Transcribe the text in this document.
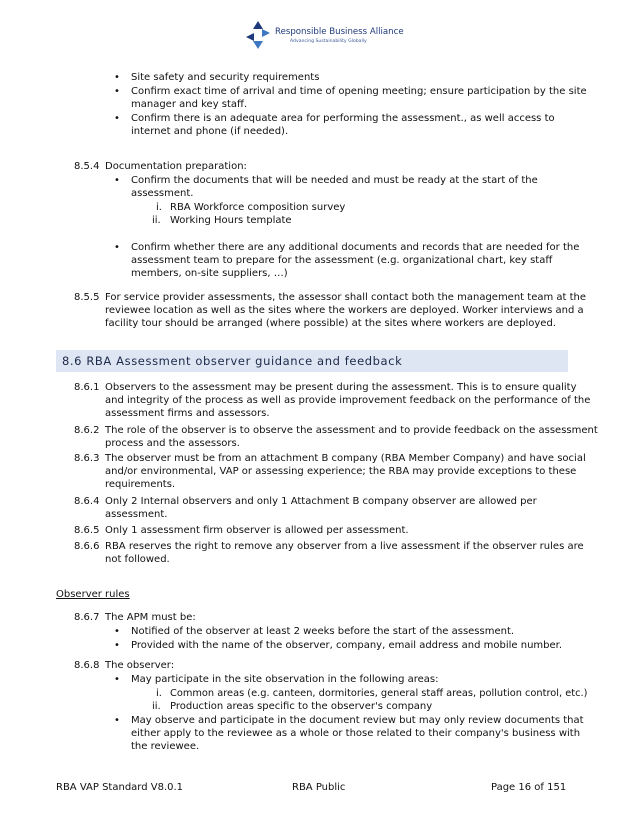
Responsible Business Alliance
Advancing Sustainability Globally
•
Site safety and security requirements
•
Confirm exact time of arrival and time of opening meeting; ensure participation by the site
manager and key staff.
•
Confirm there is an adequate area for performing the assessment., as well access to
internet and phone (if needed).
8.5.4 Documentation preparation:
•
Confirm the documents that will be needed and must be ready at the start of the
assessment.
i. RBA Workforce composition survey
ii. Working Hours template
•
Confirm whether there are any additional documents and records that are needed for the
assessment team to prepare for the assessment (e.g. organizational chart, key staff
members, on-site suppliers, …)
8.5.5 For service provider assessments, the assessor shall contact both the management team at the
reviewee location as well as the sites where the workers are deployed. Worker interviews and a
facility tour should be arranged (where possible) at the sites where workers are deployed.
8.6 RBA Assessment observer guidance and feedback
8.6.1 Observers to the assessment may be present during the assessment. This is to ensure quality
and integrity of the process as well as provide improvement feedback on the performance of the
assessment firms and assessors.
8.6.2 The role of the observer is to observe the assessment and to provide feedback on the assessment
process and the assessors.
8.6.3 The observer must be from an attachment B company (RBA Member Company) and have social
and/or environmental, VAP or assessing experience; the RBA may provide exceptions to these
requirements.
8.6.4 Only 2 Internal observers and only 1 Attachment B company observer are allowed per
assessment.
8.6.5 Only 1 assessment firm observer is allowed per assessment.
8.6.6 RBA reserves the right to remove any observer from a live assessment if the observer rules are
not followed.
Observer rules
8.6.7 The APM must be:
•
Notified of the observer at least 2 weeks before the start of the assessment.
•
Provided with the name of the observer, company, email address and mobile number.
8.6.8 The observer:
•
May participate in the site observation in the following areas:
i. Common areas (e.g. canteen, dormitories, general staff areas, pollution control, etc.)
ii. Production areas specific to the observer's company
•
May observe and participate in the document review but may only review documents that
either apply to the reviewee as a whole or those related to their company's business with
the reviewee.
RBA VAP Standard V8.0.1	RBA Public	Page 16 of 151
